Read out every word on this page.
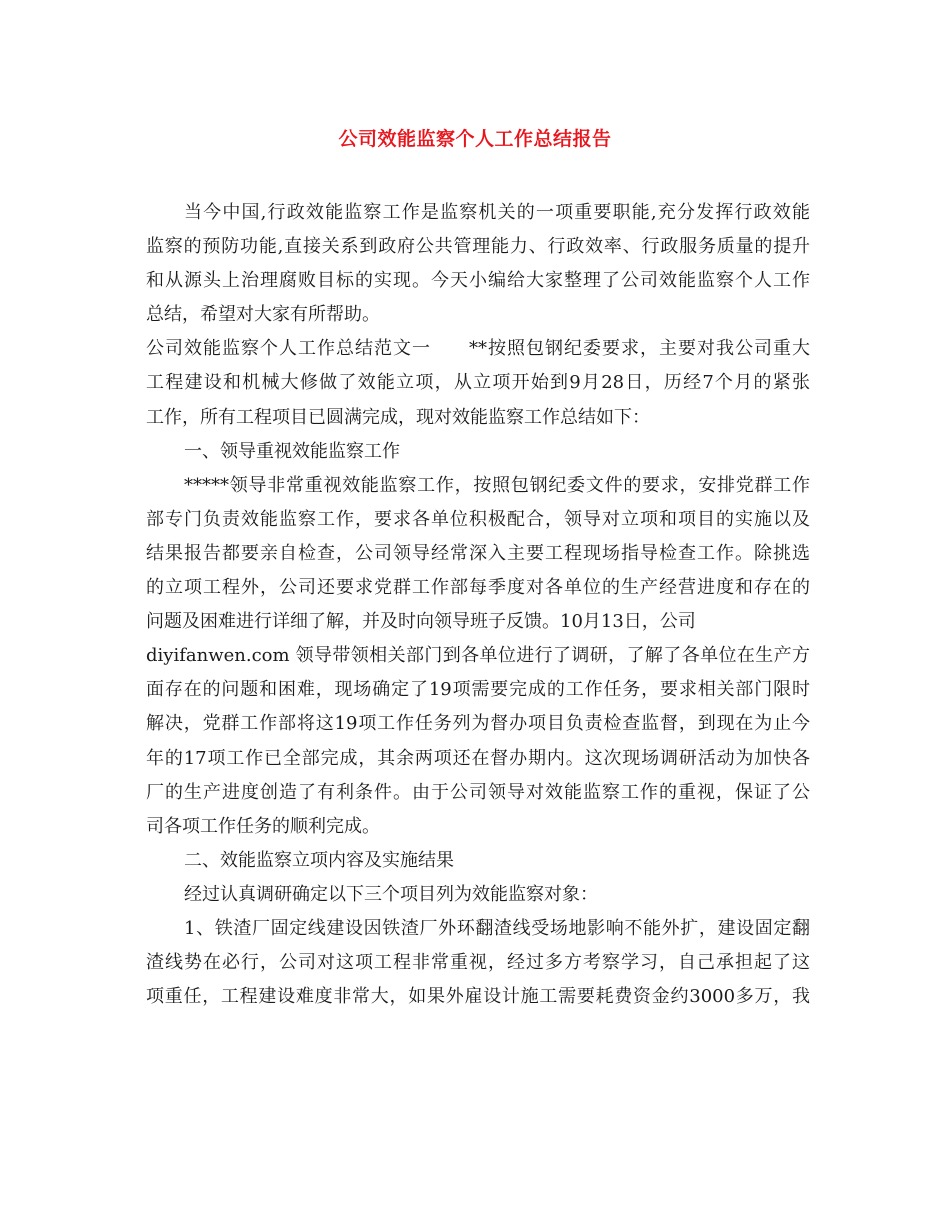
公司效能监察个人工作总结报告
当今中国,行政效能监察工作是监察机关的一项重要职能,充分发挥行政效能
监察的预防功能,直接关系到政府公共管理能力、行政效率、行政服务质量的提升
和从源头上治理腐败目标的实现。今天小编给大家整理了公司效能监察个人工作
总结，希望对大家有所帮助。
公司效能监察个人工作总结范文一　　**按照包钢纪委要求，主要对我公司重大
工程建设和机械大修做了效能立项，从立项开始到9月28日，历经7个月的紧张
工作，所有工程项目已圆满完成，现对效能监察工作总结如下：
一、领导重视效能监察工作
*****领导非常重视效能监察工作，按照包钢纪委文件的要求，安排党群工作
部专门负责效能监察工作，要求各单位积极配合，领导对立项和项目的实施以及
结果报告都要亲自检查，公司领导经常深入主要工程现场指导检查工作。除挑选
的立项工程外，公司还要求党群工作部每季度对各单位的生产经营进度和存在的
问题及困难进行详细了解，并及时向领导班子反馈。10月13日，公司
diyifanwen.com 领导带领相关部门到各单位进行了调研，了解了各单位在生产方
面存在的问题和困难，现场确定了19项需要完成的工作任务，要求相关部门限时
解决，党群工作部将这19项工作任务列为督办项目负责检查监督，到现在为止今
年的17项工作已全部完成，其余两项还在督办期内。这次现场调研活动为加快各
厂的生产进度创造了有利条件。由于公司领导对效能监察工作的重视，保证了公
司各项工作任务的顺利完成。
二、效能监察立项内容及实施结果
经过认真调研确定以下三个项目列为效能监察对象：
1、铁渣厂固定线建设因铁渣厂外环翻渣线受场地影响不能外扩，建设固定翻
渣线势在必行，公司对这项工程非常重视，经过多方考察学习，自己承担起了这
项重任，工程建设难度非常大，如果外雇设计施工需要耗费资金约3000多万，我
